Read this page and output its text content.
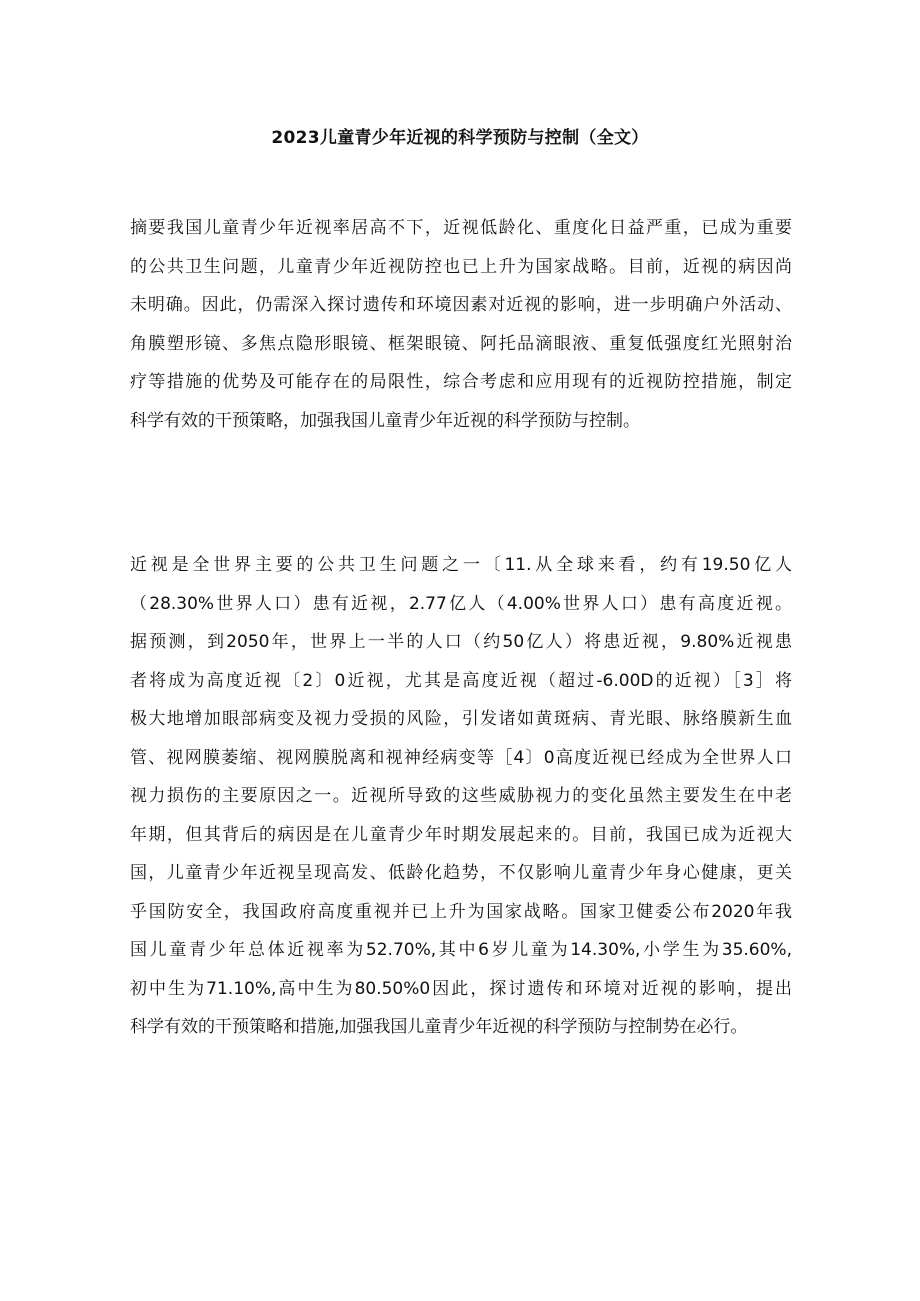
2023儿童青少年近视的科学预防与控制（全文）
摘要我国儿童青少年近视率居高不下，近视低龄化、重度化日益严重，已成为重要
的公共卫生问题，儿童青少年近视防控也已上升为国家战略。目前，近视的病因尚
未明确。因此，仍需深入探讨遗传和环境因素对近视的影响，进一步明确户外活动、
角膜塑形镜、多焦点隐形眼镜、框架眼镜、阿托品滴眼液、重复低强度红光照射治
疗等措施的优势及可能存在的局限性，综合考虑和应用现有的近视防控措施，制定
科学有效的干预策略，加强我国儿童青少年近视的科学预防与控制。
近视是全世界主要的公共卫生问题之一〔11.从全球来看，约有19.50亿人
（28.30%世界人口）患有近视，2.77亿人（4.00%世界人口）患有高度近视。
据预测，到2050年，世界上一半的人口（约50亿人）将患近视，9.80%近视患
者将成为高度近视〔2〕0近视，尤其是高度近视（超过-6.00D的近视）［3］将
极大地增加眼部病变及视力受损的风险，引发诸如黄斑病、青光眼、脉络膜新生血
管、视网膜萎缩、视网膜脱离和视神经病变等［4〕0高度近视已经成为全世界人口
视力损伤的主要原因之一。近视所导致的这些威胁视力的变化虽然主要发生在中老
年期，但其背后的病因是在儿童青少年时期发展起来的。目前，我国已成为近视大
国，儿童青少年近视呈现高发、低龄化趋势，不仅影响儿童青少年身心健康，更关
乎国防安全，我国政府高度重视并已上升为国家战略。国家卫健委公布2020年我
国儿童青少年总体近视率为52.70%,其中6岁儿童为14.30%,小学生为35.60%,
初中生为71.10%,高中生为80.50%0因此，探讨遗传和环境对近视的影响，提出
科学有效的干预策略和措施,加强我国儿童青少年近视的科学预防与控制势在必行。
